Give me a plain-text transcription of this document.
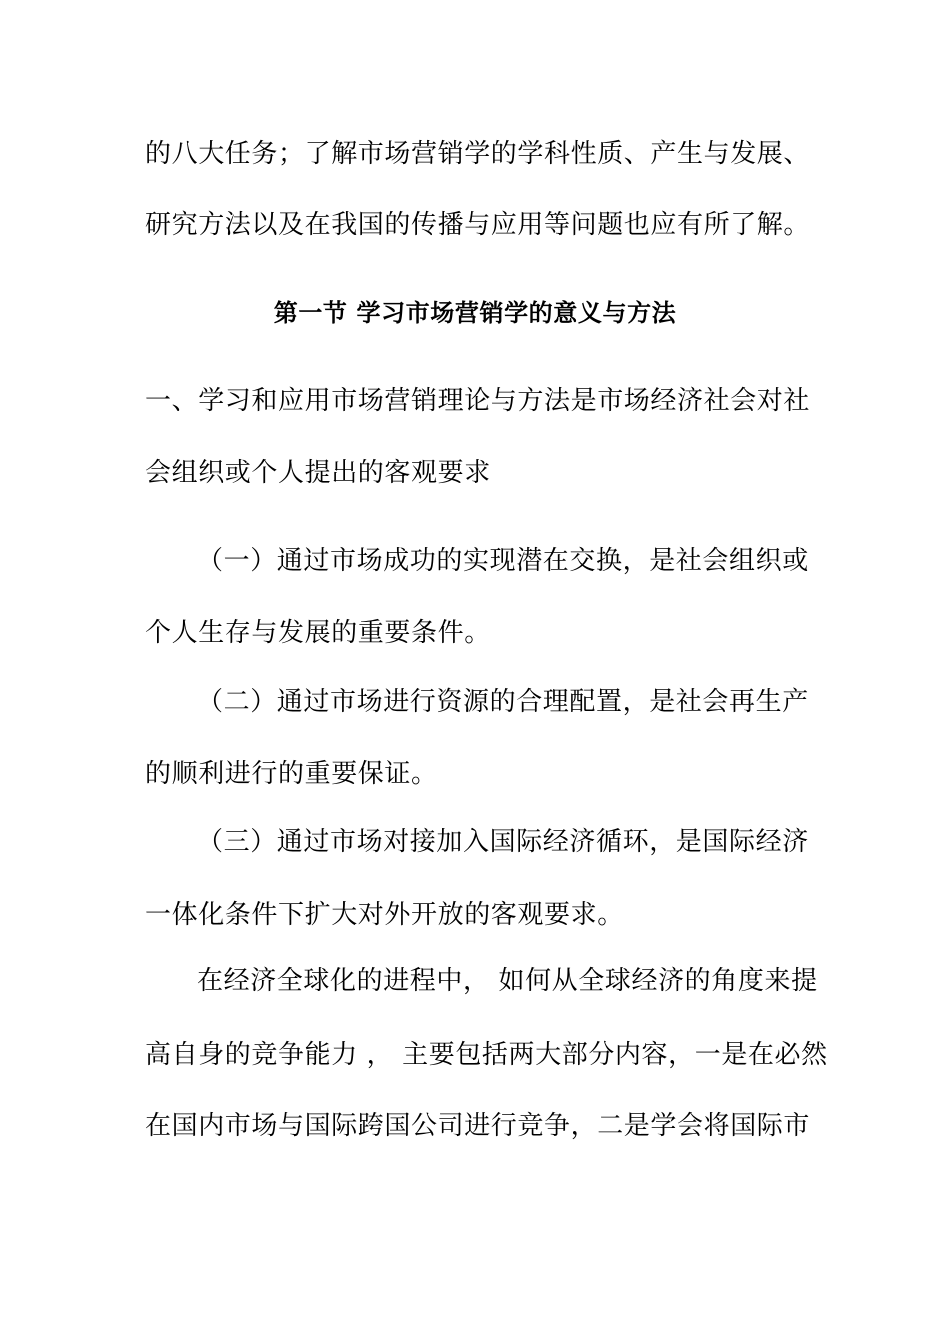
的八大任务；了解市场营销学的学科性质、产生与发展、
研究方法以及在我国的传播与应用等问题也应有所了解。
第一节 学习市场营销学的意义与方法
一、学习和应用市场营销理论与方法是市场经济社会对社
会组织或个人提出的客观要求
（一）通过市场成功的实现潜在交换，是社会组织或
个人生存与发展的重要条件。
（二）通过市场进行资源的合理配置，是社会再生产
的顺利进行的重要保证。
（三）通过市场对接加入国际经济循环，是国际经济
一体化条件下扩大对外开放的客观要求。
在经济全球化的进程中， 如何从全球经济的角度来提
高自身的竞争能力 ， 主要包括两大部分内容，一是在必然
在国内市场与国际跨国公司进行竞争，二是学会将国际市
